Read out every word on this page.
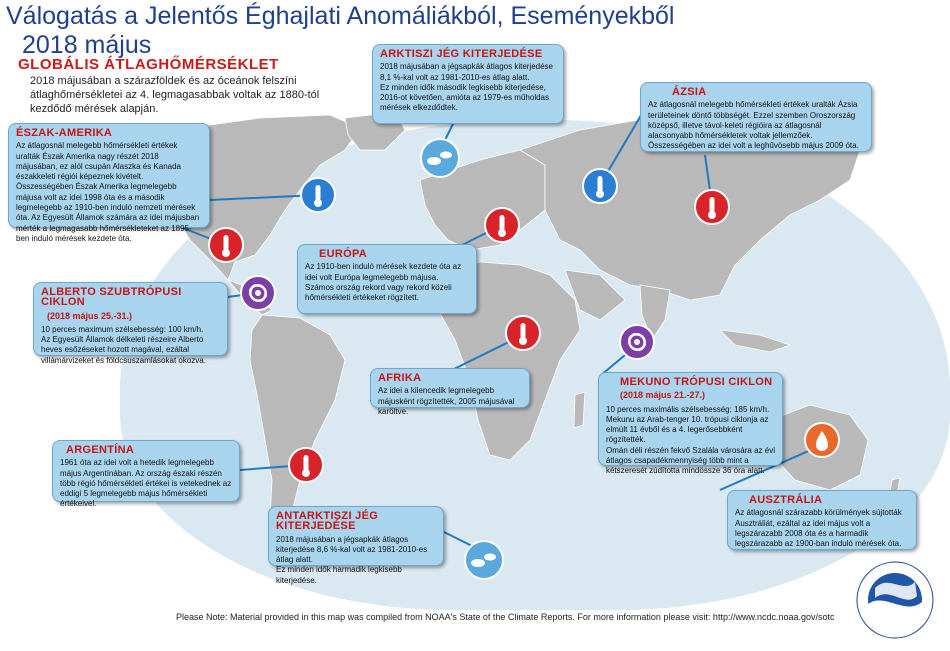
Válogatás a Jelentős Éghajlati Anomáliákból, Eseményekből
2018 május
GLOBÁLIS ÁTLAGHŐMÉRSÉKLET
2018 májusában a szárazföldek és az óceánok felszíni átlaghőmérsékletei az 4. legmagasabbak voltak az 1880-tól kezdődő mérések alapján.
ÉSZAK-AMERIKA
Az átlagosnál melegebb hőmérsékleti értékek uralták Észak Amerika nagy részét 2018 májusában, ez alól csupán Alaszka és Kanada északkeleti régiói képeznek kivételt. Összességében Észak Amerika legmelegebb májusa volt az idei 1998 óta és a második legmelegebb az 1910-ben induló nemzeti mérések óta. Az Egyesült Államok számára az idei májusban mérték a legmagasabb hőmérsékleteket az 1895-ben induló mérések kezdete óta.
ARKTISZI JÉG KITERJEDÉSE
2018 májusában a jégsapkák átlagos kiterjedése 8,1 %-kal volt az 1981-2010-es átlag alatt.
Ez minden idők második legkisebb kiterjedése, 2016-ot követően, amióta az 1979-es műholdas mérések elkezdődtek.
ÁZSIA
Az átlagosnál melegebb hőmérsékleti értékek uralták Ázsia területeinek döntő többségét. Ezzel szemben Oroszország középső, illetve távol-keleti régióira az átlagosnál alacsonyabb hőmérsékletek voltak jellemzőek. Összességében az idei volt a leghűvösebb május 2009 óta.
EURÓPA
Az 1910-ben induló mérések kezdete óta az idei volt Európa legmelegebb májusa. Számos ország rekord vagy rekord közeli hőmérsékleti értékeket rögzített.
ALBERTO SZUBTRÓPUSI CIKLON
(2018 május 25.-31.)
10 perces maximum szélsebesség: 100 km/h.
Az Egyesült Államok délkeleti részeire Alberto heves esőzéseket hozott magával, ezáltal villámárvizeket és földcsuszamlásokat okozva.
AFRIKA
Az idei a kilencedik legmelegebb májusként rögzítették, 2005 májusával karöltve.
MEKUNO TRÓPUSI CIKLON
(2018 május 21.-27.)
10 perces maximális szélsebesség: 185 km/h.
Mekunu az Arab-tenger 10. trópusi ciklonja az elmúlt 11 évből és a 4. legerősebbként rögzítették.
Omán déli részén fekvő Szalála városára az évi átlagos csapadékmennyiség több mint a kétszeresét zúdította mindössze 36 óra alatt.
ARGENTÍNA
1961 óta az idei volt a hetedik legmelegebb május Argentínában. Az ország északi részén több régió hőmérsékleti értékei is vetekednek az eddigi 5 legmelegebb május hőmérsékleti értékeivel.
ANTARKTISZI JÉG KITERJEDÉSE
2018 májusában a jégsapkák átlagos kiterjedése 8,6 %-kal volt az 1981-2010-es átlag alatt.
Ez minden idők harmadik legkisebb kiterjedése.
AUSZTRÁLIA
Az átlagosnál szárazabb körülmények sújtották Ausztráliát, ezáltal az idei május volt a legszárazabb 2008 óta és a harmadik legszárazabb az 1900-ban induló mérések óta.
Please Note: Material provided in this map was compiled from NOAA's State of the Climate Reports. For more information please visit: http://www.ncdc.noaa.gov/sotc
